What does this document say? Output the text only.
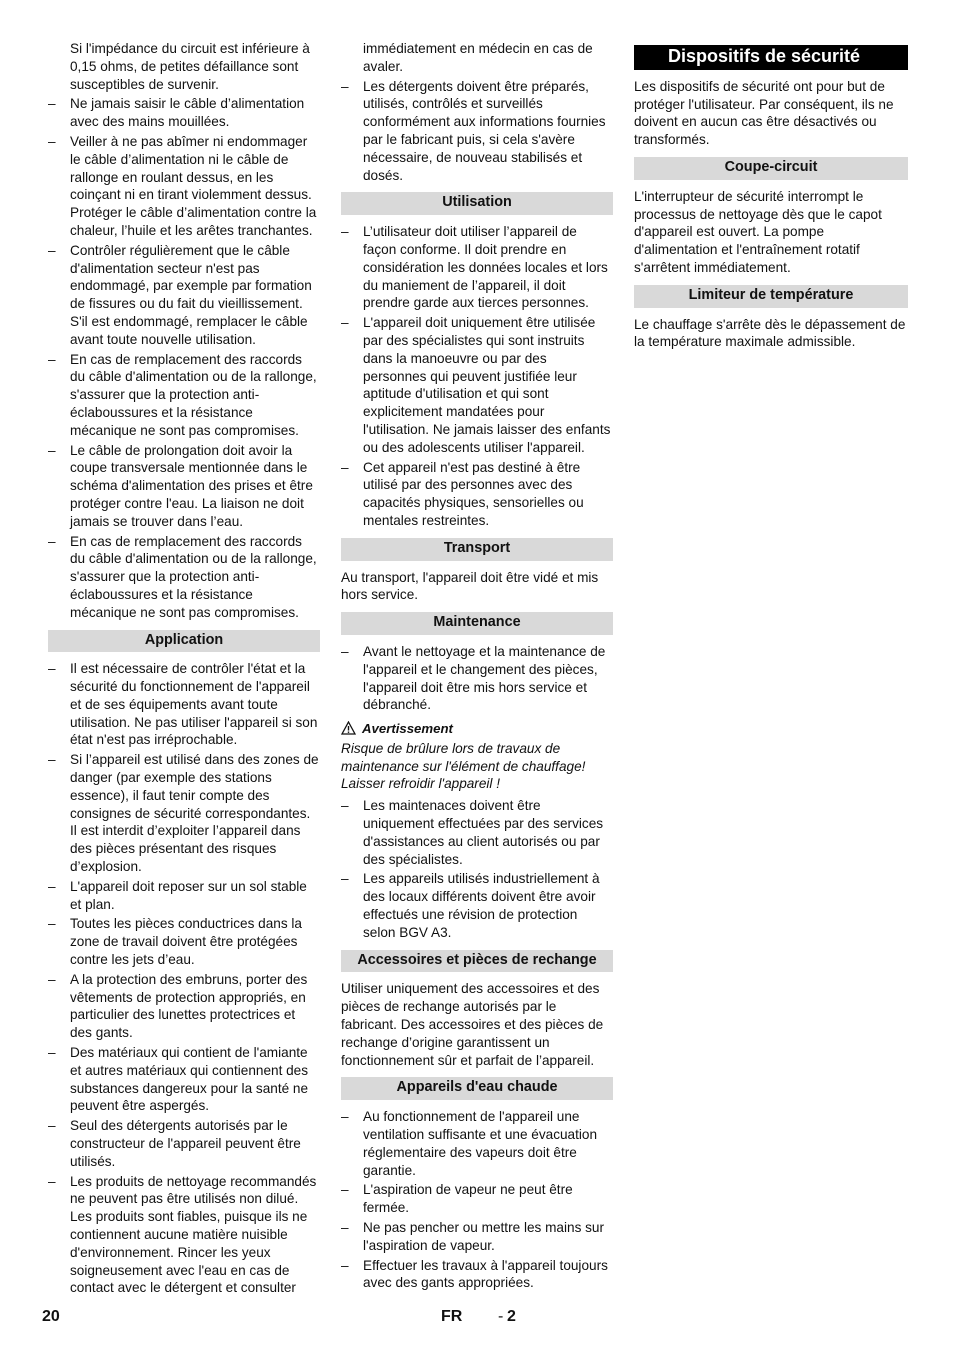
Si l'impédance du circuit est inférieure à 0,15 ohms, de petites défaillance sont susceptibles de survenir.
–	Ne jamais saisir le câble d’alimentation avec des mains mouillées.
–	Veiller à ne pas abîmer ni endommager le câble d’alimentation ni le câble de rallonge en roulant dessus, en les coinçant ni en tirant violemment dessus. Protéger le câble d’alimentation contre la chaleur, l’huile et les arêtes tranchantes.
–	Contrôler régulièrement que le câble d'alimentation secteur n'est pas endommagé, par exemple par formation de fissures ou du fait du vieillissement. S'il est endommagé, remplacer le câble avant toute nouvelle utilisation.
–	En cas de remplacement des raccords du câble d'alimentation ou de la rallonge, s'assurer que la protection anti-éclaboussures et la résistance mécanique ne sont pas compromises.
–	Le câble de prolongation doit avoir la coupe transversale mentionnée dans le schéma d'alimentation des prises et être protéger contre l'eau. La liaison ne doit jamais se trouver dans l’eau.
–	En cas de remplacement des raccords du câble d'alimentation ou de la rallonge, s'assurer que la protection anti-éclaboussures et la résistance mécanique ne sont pas compromises.
Application
–	Il est nécessaire de contrôler l'état et la sécurité du fonctionnement de l'appareil et de ses équipements avant toute utilisation. Ne pas utiliser l'appareil si son état n'est pas irréprochable.
–	Si l’appareil est utilisé dans des zones de danger (par exemple des stations essence), il faut tenir compte des consignes de sécurité correspondantes. Il est interdit d’exploiter l’appareil dans des pièces présentant des risques d’explosion.
–	L'appareil doit reposer sur un sol stable et plan.
–	Toutes les pièces conductrices dans la zone de travail doivent être protégées contre les jets d’eau.
–	A la protection des embruns, porter des vêtements de protection appropriés, en particulier des lunettes protectrices et des gants.
–	Des matériaux qui contient de l'amiante et autres matériaux qui contiennent des substances dangereux pour la santé ne peuvent être aspergés.
–	Seul des détergents autorisés par le constructeur de l'appareil peuvent être utilisés.
–	Les produits de nettoyage recommandés ne peuvent pas être utilisés non dilué. Les produits sont fiables, puisque ils ne contiennent aucune matière nuisible d'environnement. Rincer les yeux soigneusement avec l'eau en cas de contact avec le détergent et consulter
immédiatement en médecin en cas de avaler.
–	Les détergents doivent être préparés, utilisés, contrôlés et surveillés conformément aux informations fournies par le fabricant puis, si cela s'avère nécessaire, de nouveau stabilisés et dosés.
Utilisation
–	L’utilisateur doit utiliser l’appareil de façon conforme. Il doit prendre en considération les données locales et lors du maniement de l’appareil, il doit prendre garde aux tierces personnes.
–	L'appareil doit uniquement être utilisée par des spécialistes qui sont instruits dans la manoeuvre ou par des personnes qui peuvent justifiée leur aptitude d'utilisation et qui sont explicitement mandatées pour l'utilisation. Ne jamais laisser des enfants ou des adolescents utiliser l'appareil.
–	Cet appareil n'est pas destiné à être utilisé par des personnes avec des capacités physiques, sensorielles ou mentales restreintes.
Transport
Au transport, l'appareil doit être vidé et mis hors service.
Maintenance
–	Avant le nettoyage et la maintenance de l'appareil et le changement des pièces, l'appareil doit être mis hors service et débranché.
Avertissement
Risque de brûlure lors de travaux de maintenance sur l'élément de chauffage! Laisser refroidir l'appareil !
–	Les maintenaces doivent être uniquement effectuées par des services d'assistances au client autorisés ou par des spécialistes.
–	Les appareils utilisés industriellement à des locaux différents doivent être avoir effectués une révision de protection selon BGV A3.
Accessoires et pièces de rechange
Utiliser uniquement des accessoires et des pièces de rechange autorisés par le fabricant. Des accessoires et des pièces de rechange d’origine garantissent un fonctionnement sûr et parfait de l’appareil.
Appareils d'eau chaude
–	Au fonctionnement de l'appareil une ventilation suffisante et une évacuation réglementaire des vapeurs doit être garantie.
–	L'aspiration de vapeur ne peut être fermée.
–	Ne pas pencher ou mettre les mains sur l'aspiration de vapeur.
–	Effectuer les travaux à l'appareil toujours avec des gants appropriées.
Dispositifs de sécurité
Les dispositifs de sécurité ont pour but de protéger l'utilisateur. Par conséquent, ils ne doivent en aucun cas être désactivés ou transformés.
Coupe-circuit
L'interrupteur de sécurité interrompt le processus de nettoyage dès que le capot d'appareil est ouvert. La pompe d'alimentation et l'entraînement rotatif s'arrêtent immédiatement.
Limiteur de température
Le chauffage s'arrête dès le dépassement de la température maximale admissible.
20	FR - 2
